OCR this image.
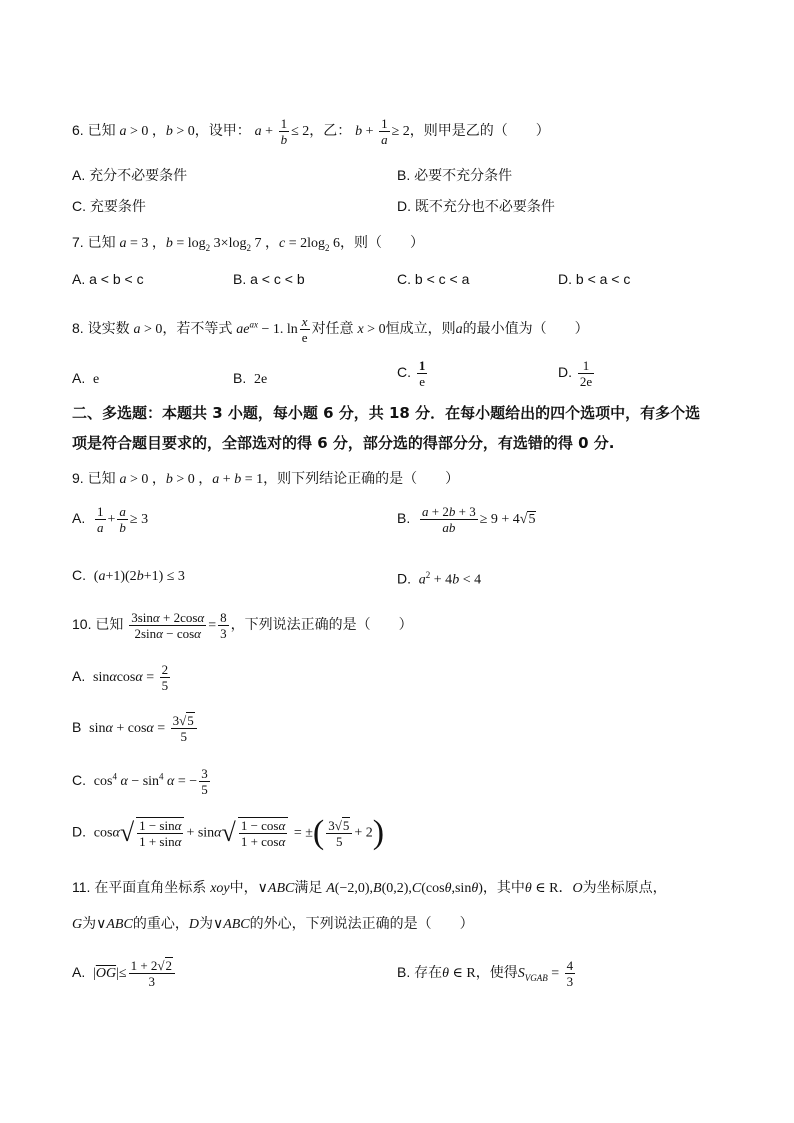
6. 已知 a > 0 ，b > 0，设甲： $a + \frac{1}{b} \le 2$，乙： $b + \frac{1}{a} \ge 2$，则甲是乙的（　　）
A. 充分不必要条件	B. 必要不充分条件
C. 充要条件	D. 既不充分也不必要条件
7. 已知 a = 3 ，$b = \log_2 3\times\log_2$ 7 ，$c = 2\log_2$ 6，则（　　）
A. a < b < c	B. a < c < b	C. b < c < a	D. b < a < c
8. 设实数 a > 0，若不等式 $ae^{ax} - 1$. $\ln \frac{x}{e}$ 对任意 x > 0恒成立，则a的最小值为（　　）
A. e	B. 2e	C. $\frac{1}{e}$	D. $\frac{1}{2e}$
二、多选题：本题共 3 小题，每小题 6 分，共 18 分．在每小题给出的四个选项中，有多个选
项是符合题目要求的，全部选对的得 6 分，部分选的得部分分，有选错的得 0 分.
9. 已知 a > 0 ，b > 0 ，a + b = 1，则下列结论正确的是（　　）
A. $\frac{1}{a} + \frac{a}{b} \ge 3$	B. $\frac{a + 2b + 3}{ab} \ge 9 + 4√5$
C. (a+1)(2b+1) ≤ 3	D. $a^2 + 4b < 4$
10. 已知 $\frac{3\sin\alpha + 2\cos\alpha}{2\sin\alpha - \cos\alpha} = \frac{8}{3}$ ，下列说法正确的是（　　）
A. $\sin\alpha\cos\alpha = \frac{2}{5}$
B $\sin\alpha + \cos\alpha = \frac{3√5}{5}$
C. $\cos^4 \alpha - \sin^4 \alpha$ = − $\frac{3}{5}$
D. $\cos\alpha√ \frac{1 - \sin\alpha}{1 + \sin\alpha} + \sin\alpha√ \frac{1 - \cos\alpha}{1 + \cos\alpha}$ = ±( $\frac{3√5}{5} + 2$)
11. 在平面直角坐标系 xoy中，∨ABC满足 A(−2,0),B(0,2),C(cosθ,sinθ)，其中θ ∈ R．O为坐标原点，
G为∨ABC的重心，D为∨ABC的外心，下列说法正确的是（　　）
A. $|\overline{OG}|\le \frac{1 + 2√2}{3}$	B. 存在θ ∈ R，使得$S_{VGAB} = \frac{4}{3}$
